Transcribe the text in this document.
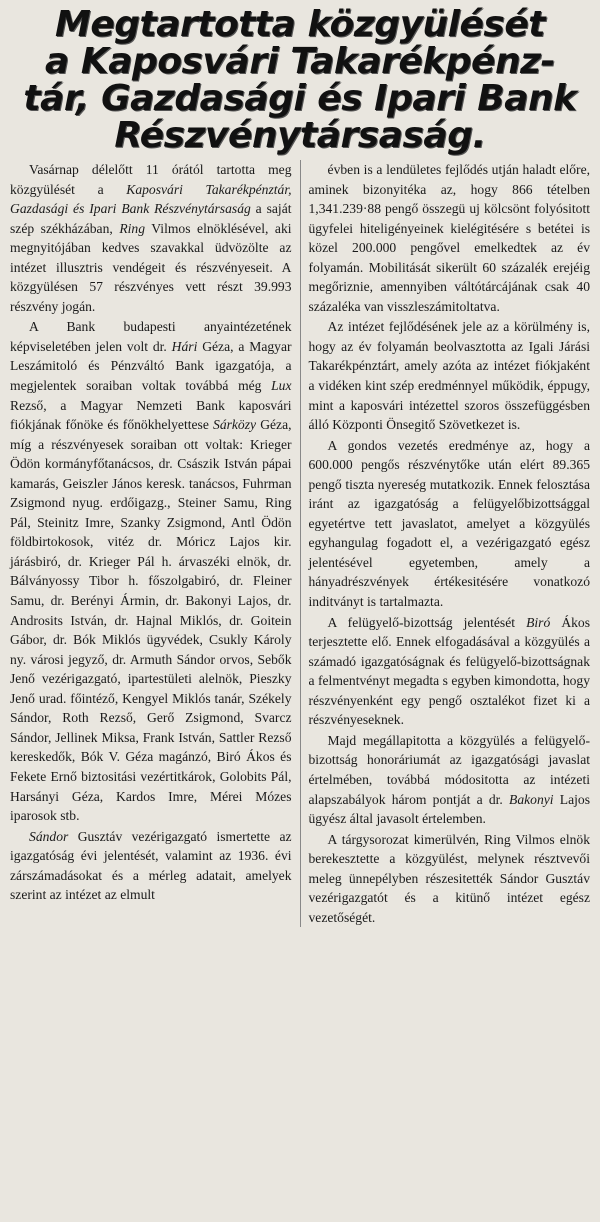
Megtartotta közgyülését
a Kaposvári Takarékpénz-
tár, Gazdasági és Ipari Bank
Részvénytársaság.

Vasárnap délelőtt 11 órától tartotta meg közgyülését a Kaposvári Takarékpénztár, Gazdasági és Ipari Bank Részvénytársaság a saját szép székházában, Ring Vilmos elnöklésével, aki megnyitójában kedves szavakkal üdvözölte az intézet illusztris vendégeit és részvényeseit. A közgyülésen 57 részvényes vett részt 39.993 részvény jogán.

A Bank budapesti anyaintézetének képviseletében jelen volt dr. Hári Géza, a Magyar Leszámitoló és Pénzváltó Bank igazgatója, a megjelentek soraiban voltak továbbá még Lux Rezső, a Magyar Nemzeti Bank kaposvári fiókjának főnöke és főnökhelyettese Sárközy Géza, míg a részvényesek soraiban ott voltak: Krieger Ödön kormányfőtanácsos, dr. Császik István pápai kamarás, Geiszler János keresk. tanácsos, Fuhrman Zsigmond nyug. erdőigazg., Steiner Samu, Ring Pál, Steinitz Imre, Szanky Zsigmond, Antl Ödön földbirtokosok, vitéz dr. Móricz Lajos kir. járásbiró, dr. Krieger Pál h. árvaszéki elnök, dr. Bálványossy Tibor h. főszolgabiró, dr. Fleiner Samu, dr. Berényi Ármin, dr. Bakonyi Lajos, dr. Androsits István, dr. Hajnal Miklós, dr. Goitein Gábor, dr. Bók Miklós ügyvédek, Csukly Károly ny. városi jegyző, dr. Armuth Sándor orvos, Sebők Jenő vezérigazgató, ipartestületi alelnök, Pieszky Jenő urad. főintéző, Kengyel Miklós tanár, Székely Sándor, Roth Rezső, Gerő Zsigmond, Svarcz Sándor, Jellinek Miksa, Frank István, Sattler Rezső kereskedők, Bók V. Géza magánzó, Biró Ákos és Fekete Ernő biztositási vezértitkárok, Golobits Pál, Harsányi Géza, Kardos Imre, Mérei Mózes iparosok stb.

Sándor Gusztáv vezérigazgató ismertette az igazgatóság évi jelentését, valamint az 1936. évi zárszámadásokat és a mérleg adatait, amelyek szerint az intézet az elmult

évben is a lendületes fejlődés utján haladt előre, aminek bizonyitéka az, hogy 866 tételben 1,341.239·88 pengő összegü uj kölcsönt folyósitott ügyfelei hiteligényeinek kielégitésére s betétei is közel 200.000 pengővel emelkedtek az év folyamán. Mobilitását sikerült 60 százalék erejéig megőriznie, amennyiben váltótárcájának csak 40 százaléka van visszleszámitoltatva.

Az intézet fejlődésének jele az a körülmény is, hogy az év folyamán beolvasztotta az Igali Járási Takarékpénztárt, amely azóta az intézet fiókjaként a vidéken kint szép eredménnyel működik, éppugy, mint a kaposvári intézettel szoros összefüggésben álló Központi Önsegitő Szövetkezet is.

A gondos vezetés eredménye az, hogy a 600.000 pengős részvénytőke után elért 89.365 pengő tiszta nyereség mutatkozik. Ennek felosztása iránt az igazgatóság a felügyelőbizottsággal egyetértve tett javaslatot, amelyet a közgyülés egyhangulag fogadott el, a vezérigazgató egész jelentésével egyetemben, amely a hányadrészvények értékesitésére vonatkozó inditványt is tartalmazta.

A felügyelő-bizottság jelentését Biró Ákos terjesztette elő. Ennek elfogadásával a közgyülés a számadó igazgatóságnak és felügyelő-bizottságnak a felmentvényt megadta s egyben kimondotta, hogy részvényenként egy pengő osztalékot fizet ki a részvényeseknek.

Majd megállapitotta a közgyülés a felügyelő-bizottság honoráriumát az igazgatósági javaslat értelmében, továbbá módositotta az intézeti alapszabályok három pontját a dr. Bakonyi Lajos ügyész által javasolt értelemben.

A tárgysorozat kimerülvén, Ring Vilmos elnök berekesztette a közgyülést, melynek résztvevői meleg ünnepélyben részesitették Sándor Gusztáv vezérigazgatót és a kitünő intézet egész vezetőségét.
